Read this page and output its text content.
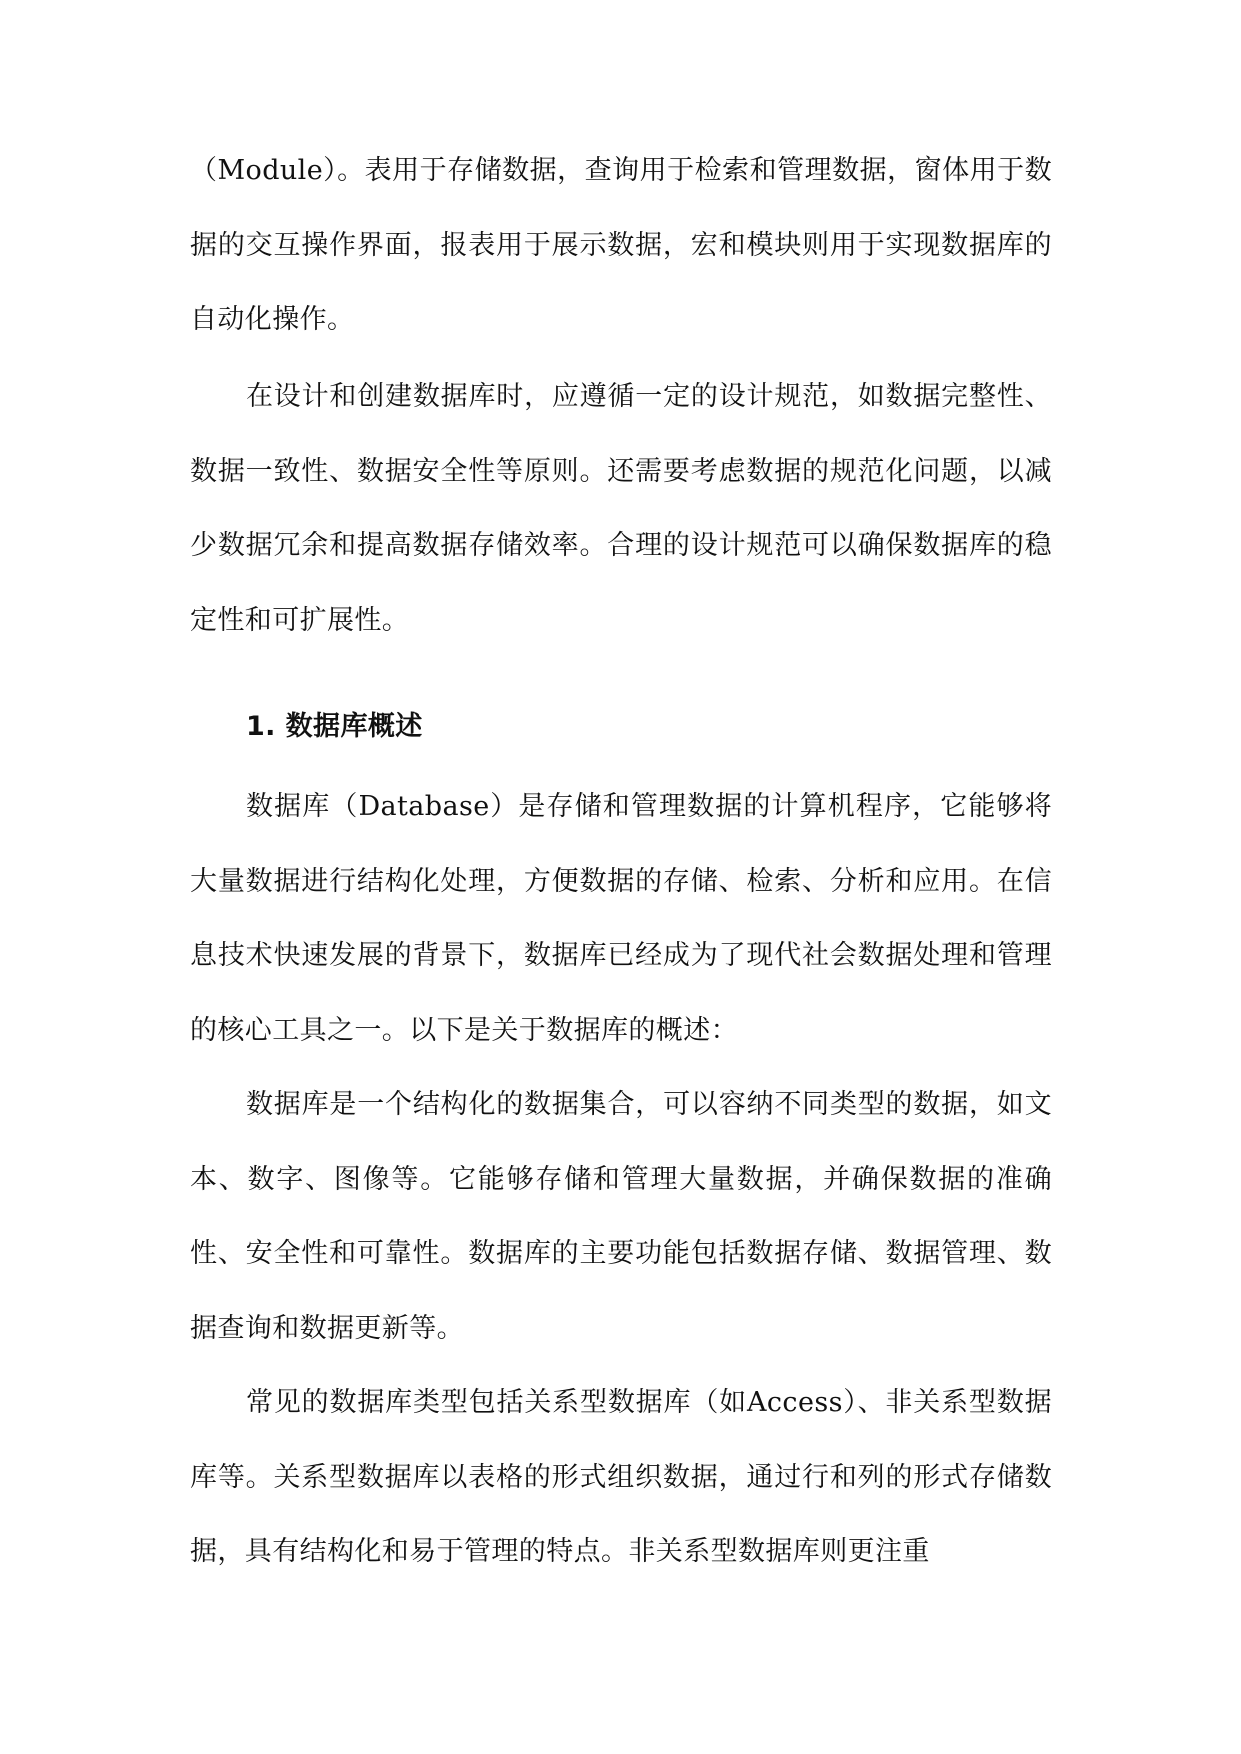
（Module）。表用于存储数据，查询用于检索和管理数据，窗体用于数据的交互操作界面，报表用于展示数据，宏和模块则用于实现数据库的自动化操作。

在设计和创建数据库时，应遵循一定的设计规范，如数据完整性、数据一致性、数据安全性等原则。还需要考虑数据的规范化问题，以减少数据冗余和提高数据存储效率。合理的设计规范可以确保数据库的稳定性和可扩展性。

1. 数据库概述

数据库（Database）是存储和管理数据的计算机程序，它能够将大量数据进行结构化处理，方便数据的存储、检索、分析和应用。在信息技术快速发展的背景下，数据库已经成为了现代社会数据处理和管理的核心工具之一。以下是关于数据库的概述：

数据库是一个结构化的数据集合，可以容纳不同类型的数据，如文本、数字、图像等。它能够存储和管理大量数据，并确保数据的准确性、安全性和可靠性。数据库的主要功能包括数据存储、数据管理、数据查询和数据更新等。

常见的数据库类型包括关系型数据库（如Access）、非关系型数据库等。关系型数据库以表格的形式组织数据，通过行和列的形式存储数据，具有结构化和易于管理的特点。非关系型数据库则更注重
